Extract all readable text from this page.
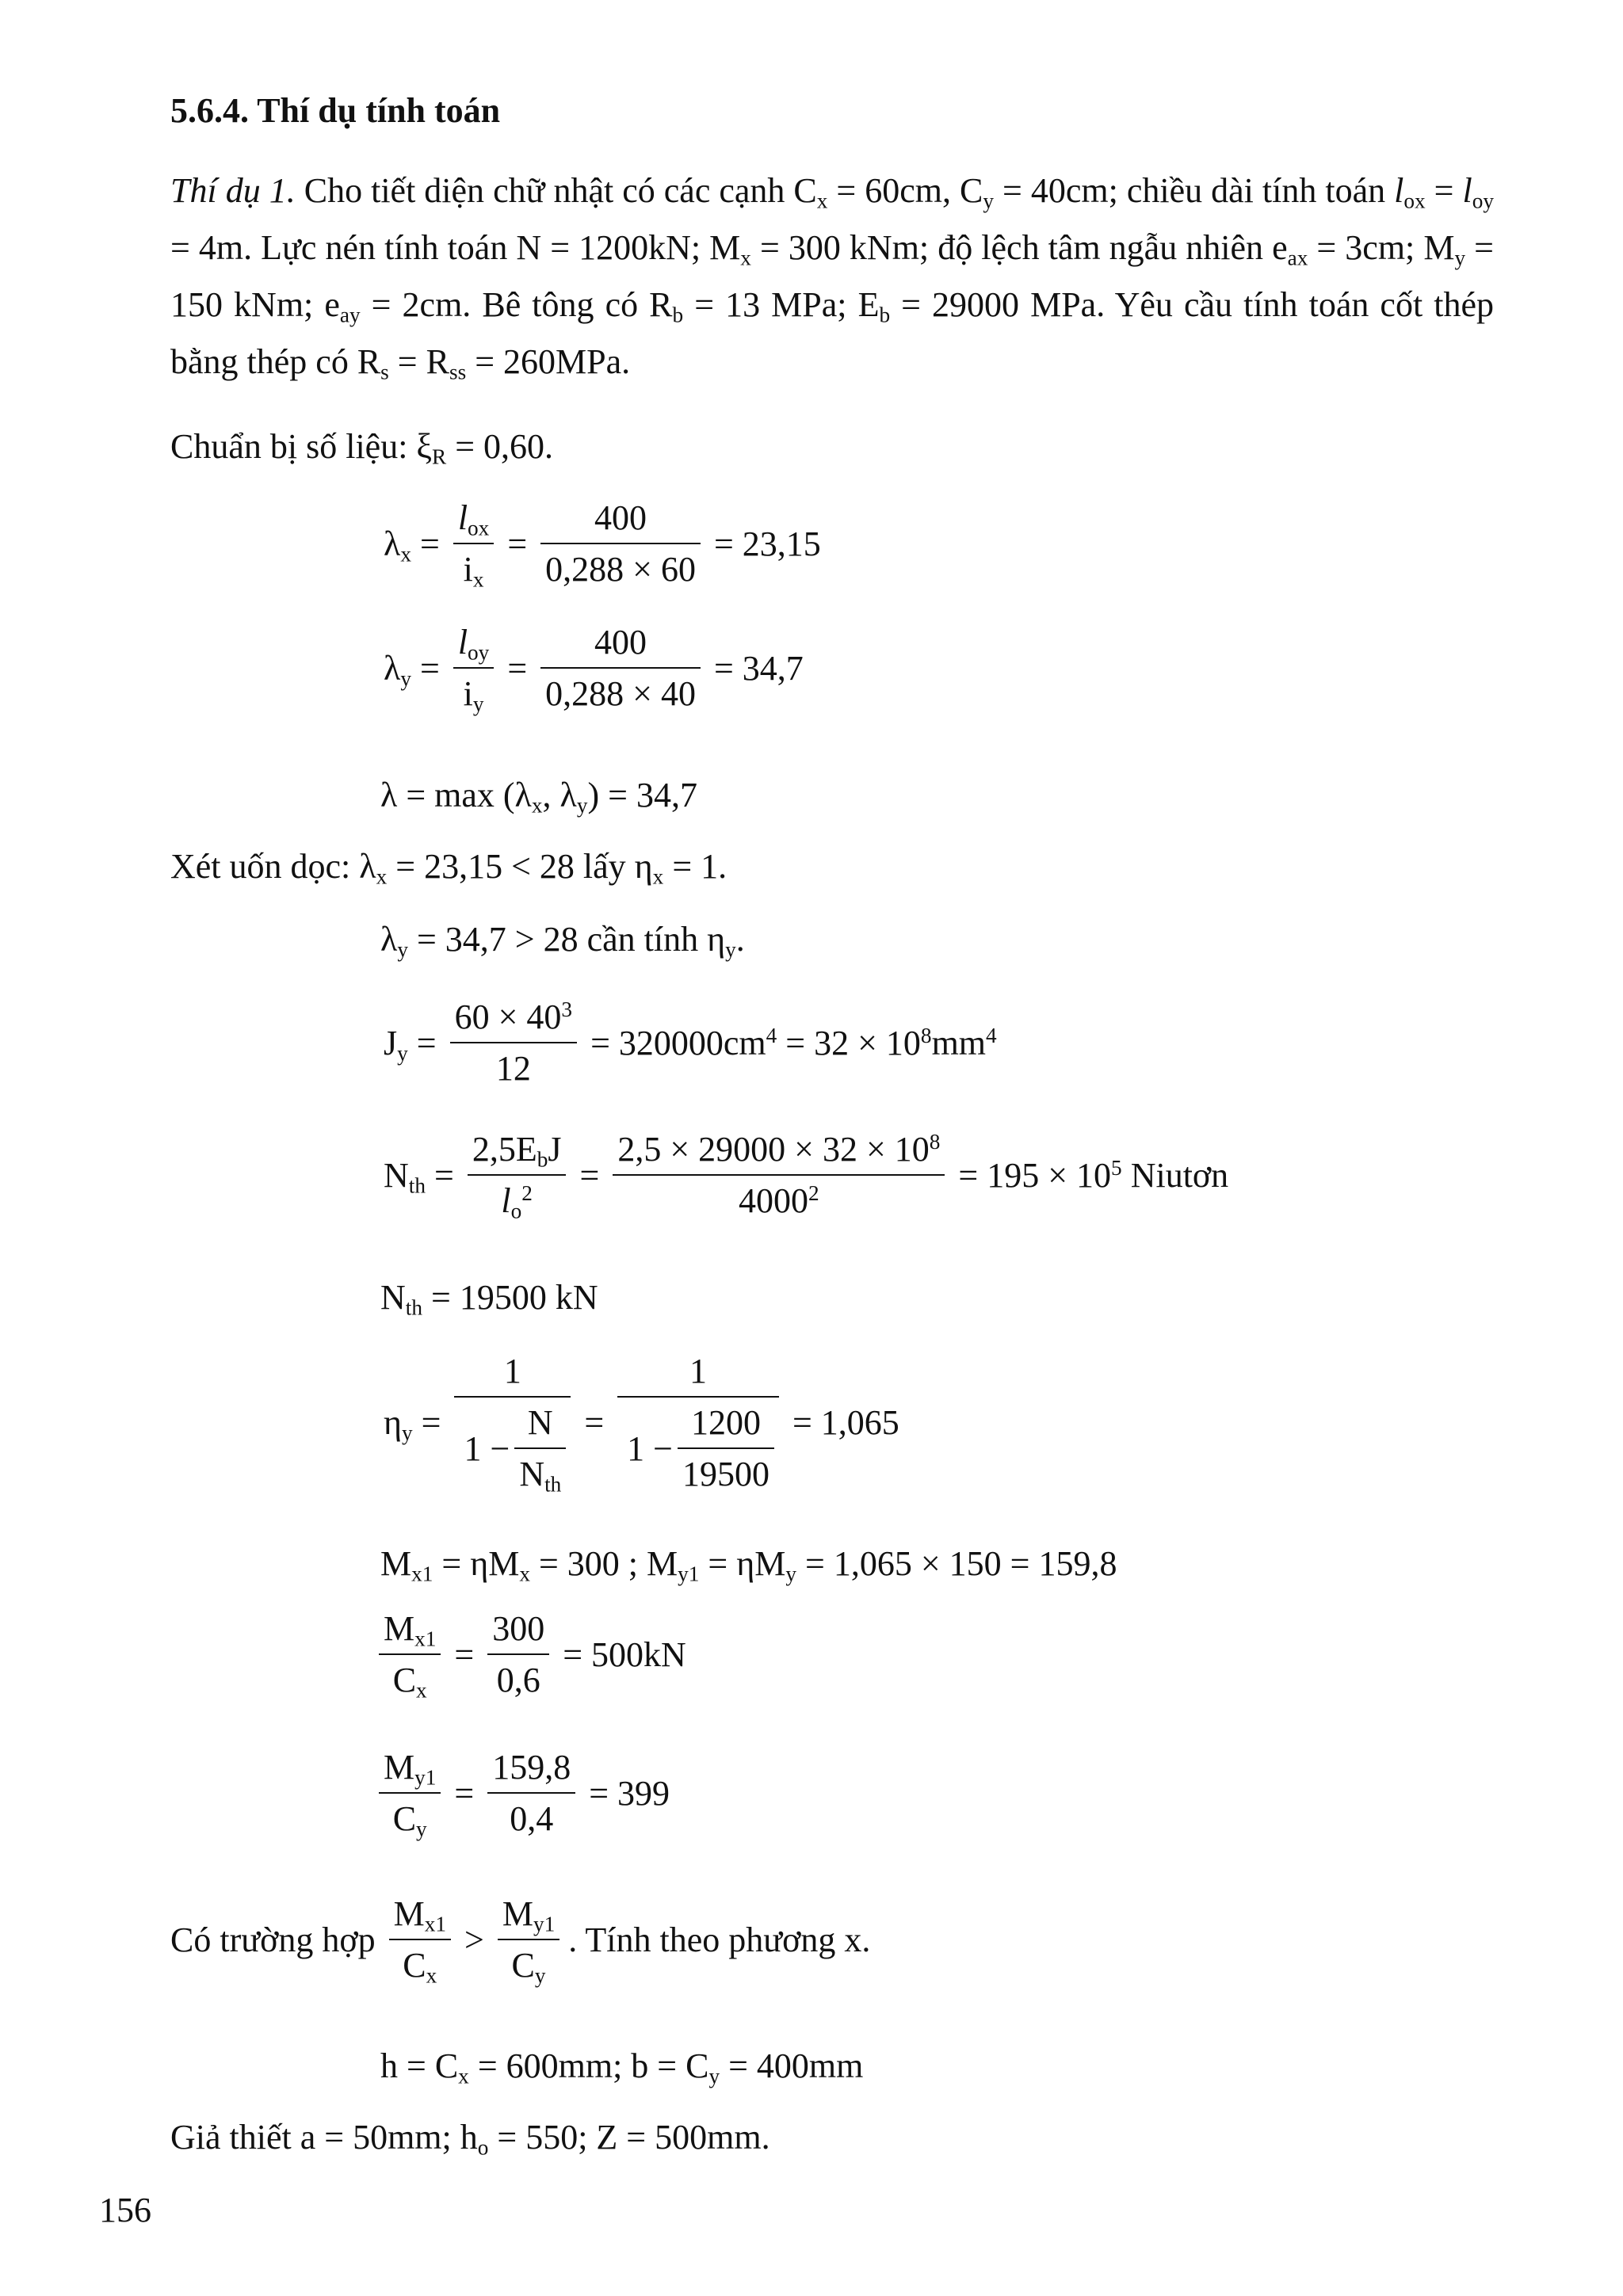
5.6.4. Thí dụ tính toán
Thí dụ 1. Cho tiết diện chữ nhật có các cạnh $C_x = 60cm$, $C_y = 40cm$; chiều dài tính toán $l_{ox} = l_{oy} = 4m$. Lực nén tính toán N = 1200kN; $M_x = 300$ kNm; độ lệch tâm ngẫu nhiên $e_{ax} = 3cm$; $M_y = 150$ kNm; $e_{ay} = 2cm$. Bê tông có $R_b = 13$ MPa; $E_b = 29000$ MPa. Yêu cầu tính toán cốt thép bằng thép có $R_s = R_{ss} = 260MPa$.
Chuẩn bị số liệu: $\xi_R = 0,60$.
$\lambda_x = \frac{l_{ox}}{i_x} = \frac{400}{0,288 \times 60} = 23,15$
$\lambda_y = \frac{l_{oy}}{i_y} = \frac{400}{0,288 \times 40} = 34,7$
$\lambda = \max (\lambda_x$, $\lambda_y) = 34,7$
Xét uốn dọc: $\lambda_x = 23,15 < 28$ lấy $\eta_x = 1$.
$\lambda_y = 34,7 > 28$ cần tính $\eta_y$.
$J_y = \frac{60 \times 40^3}{12} = 320000cm^4 = 32 \times 10^8mm^4$
$N_{th} = \frac{2,5E_bJ}{l_o^2} = \frac{2,5 \times 29000 \times 32 \times 10^8}{4000^2} = 195 \times 10^5$ Niutơn
$N_{th} = 19500$ kN
$\eta_y = \frac{1}{1 - \frac{N}{N_{th}}} = \frac{1}{1 - \frac{1200}{19500}} = 1,065$
$M_{x1} = \eta M_x = 300$ ; $M_{y1} = \eta M_y = 1,065 \times 150 = 159,8$
$\frac{M_{x1}}{C_x} = \frac{300}{0,6} = 500kN$
$\frac{M_{y1}}{C_y} = \frac{159,8}{0,4} = 399$
Có trường hợp $\frac{M_{x1}}{C_x} > \frac{M_{y1}}{C_y}$ . Tính theo phương x.
$h = C_x = 600mm$; $b = C_y = 400mm$
Giả thiết a = 50mm; $h_o = 550$; Z = 500mm.
156
